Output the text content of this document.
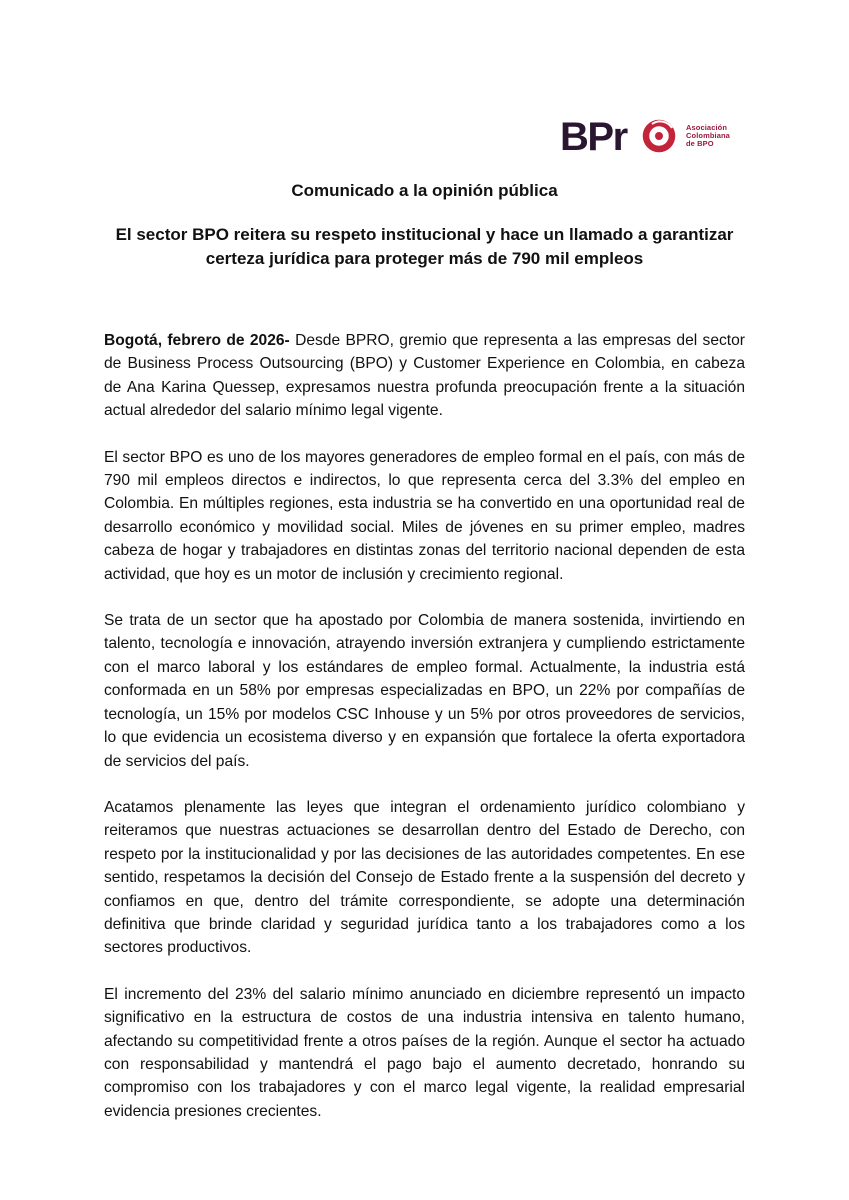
BPr	Asociación
Colombiana
de BPO
Comunicado a la opinión pública
El sector BPO reitera su respeto institucional y hace un llamado a garantizar certeza jurídica para proteger más de 790 mil empleos

Bogotá, febrero de 2026- Desde BPRO, gremio que representa a las empresas del sector de Business Process Outsourcing (BPO) y Customer Experience en Colombia, en cabeza de Ana Karina Quessep, expresamos nuestra profunda preocupación frente a la situación actual alrededor del salario mínimo legal vigente.

El sector BPO es uno de los mayores generadores de empleo formal en el país, con más de 790 mil empleos directos e indirectos, lo que representa cerca del 3.3% del empleo en Colombia. En múltiples regiones, esta industria se ha convertido en una oportunidad real de desarrollo económico y movilidad social. Miles de jóvenes en su primer empleo, madres cabeza de hogar y trabajadores en distintas zonas del territorio nacional dependen de esta actividad, que hoy es un motor de inclusión y crecimiento regional.

Se trata de un sector que ha apostado por Colombia de manera sostenida, invirtiendo en talento, tecnología e innovación, atrayendo inversión extranjera y cumpliendo estrictamente con el marco laboral y los estándares de empleo formal. Actualmente, la industria está conformada en un 58% por empresas especializadas en BPO, un 22% por compañías de tecnología, un 15% por modelos CSC Inhouse y un 5% por otros proveedores de servicios, lo que evidencia un ecosistema diverso y en expansión que fortalece la oferta exportadora de servicios del país.

Acatamos plenamente las leyes que integran el ordenamiento jurídico colombiano y reiteramos que nuestras actuaciones se desarrollan dentro del Estado de Derecho, con respeto por la institucionalidad y por las decisiones de las autoridades competentes. En ese sentido, respetamos la decisión del Consejo de Estado frente a la suspensión del decreto y confiamos en que, dentro del trámite correspondiente, se adopte una determinación definitiva que brinde claridad y seguridad jurídica tanto a los trabajadores como a los sectores productivos.

El incremento del 23% del salario mínimo anunciado en diciembre representó un impacto significativo en la estructura de costos de una industria intensiva en talento humano, afectando su competitividad frente a otros países de la región. Aunque el sector ha actuado con responsabilidad y mantendrá el pago bajo el aumento decretado, honrando su compromiso con los trabajadores y con el marco legal vigente, la realidad empresarial evidencia presiones crecientes.
